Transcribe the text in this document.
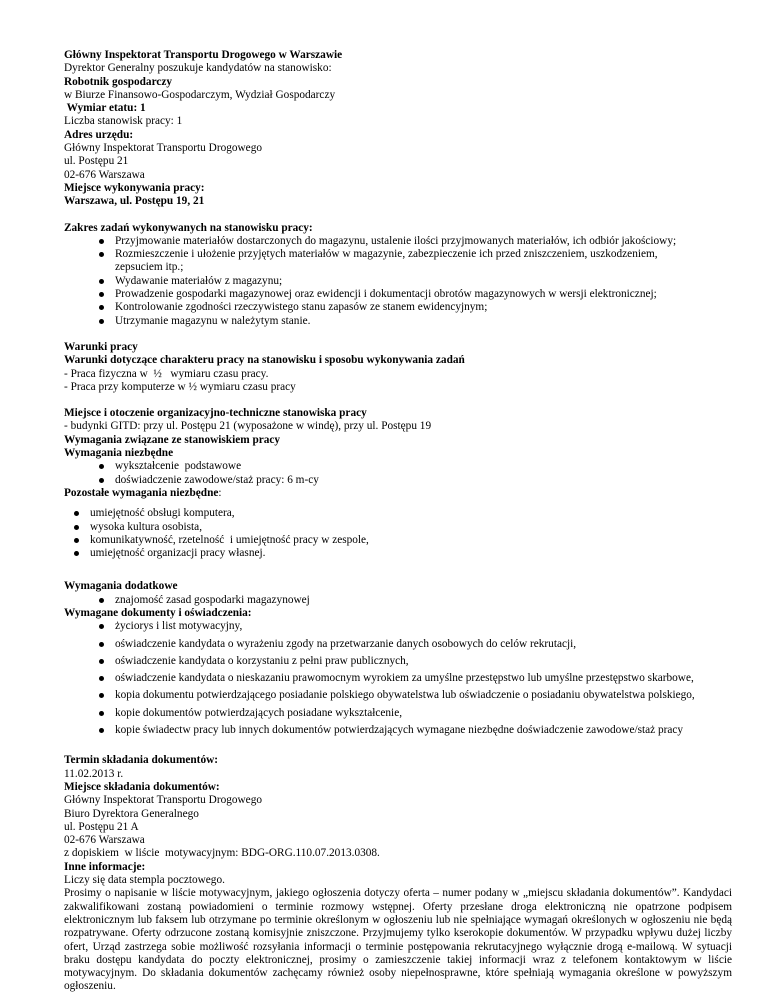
Główny Inspektorat Transportu Drogowego w Warszawie
Dyrektor Generalny poszukuje kandydatów na stanowisko:
Robotnik gospodarczy
w Biurze Finansowo-Gospodarczym, Wydział Gospodarczy
Wymiar etatu: 1
Liczba stanowisk pracy: 1
Adres urzędu:
Główny Inspektorat Transportu Drogowego
ul. Postępu 21
02-676 Warszawa
Miejsce wykonywania pracy:
Warszawa, ul. Postępu 19, 21
Zakres zadań wykonywanych na stanowisku pracy:
Przyjmowanie materiałów dostarczonych do magazynu, ustalenie ilości przyjmowanych materiałów, ich odbiór jakościowy;
Rozmieszczenie i ułożenie przyjętych materiałów w magazynie, zabezpieczenie ich przed zniszczeniem, uszkodzeniem, zepsuciem itp.;
Wydawanie materiałów z magazynu;
Prowadzenie gospodarki magazynowej oraz ewidencji i dokumentacji obrotów magazynowych w wersji elektronicznej;
Kontrolowanie zgodności rzeczywistego stanu zapasów ze stanem ewidencyjnym;
Utrzymanie magazynu w należytym stanie.
Warunki pracy
Warunki dotyczące charakteru pracy na stanowisku i sposobu wykonywania zadań
- Praca fizyczna w  ½   wymiaru czasu pracy.
- Praca przy komputerze w ½ wymiaru czasu pracy
Miejsce i otoczenie organizacyjno-techniczne stanowiska pracy
- budynki GITD: przy ul. Postępu 21 (wyposażone w windę), przy ul. Postępu 19
Wymagania związane ze stanowiskiem pracy
Wymagania niezbędne
wykształcenie  podstawowe
doświadczenie zawodowe/staż pracy: 6 m-cy
Pozostałe wymagania niezbędne:
umiejętność obsługi komputera,
wysoka kultura osobista,
komunikatywność, rzetelność  i umiejętność pracy w zespole,
umiejętność organizacji pracy własnej.
Wymagania dodatkowe
znajomość zasad gospodarki magazynowej
Wymagane dokumenty i oświadczenia:
życiorys i list motywacyjny,
oświadczenie kandydata o wyrażeniu zgody na przetwarzanie danych osobowych do celów rekrutacji,
oświadczenie kandydata o korzystaniu z pełni praw publicznych,
oświadczenie kandydata o nieskazaniu prawomocnym wyrokiem za umyślne przestępstwo lub umyślne przestępstwo skarbowe,
kopia dokumentu potwierdzającego posiadanie polskiego obywatelstwa lub oświadczenie o posiadaniu obywatelstwa polskiego,
kopie dokumentów potwierdzających posiadane wykształcenie,
kopie świadectw pracy lub innych dokumentów potwierdzających wymagane niezbędne doświadczenie zawodowe/staż pracy
Termin składania dokumentów:
11.02.2013 r.
Miejsce składania dokumentów:
Główny Inspektorat Transportu Drogowego
Biuro Dyrektora Generalnego
ul. Postępu 21 A
02-676 Warszawa
z dopiskiem  w liście  motywacyjnym: BDG-ORG.110.07.2013.0308.
Inne informacje:
Liczy się data stempla pocztowego.
Prosimy o napisanie w liście motywacyjnym, jakiego ogłoszenia dotyczy oferta – numer podany w „miejscu składania dokumentów”. Kandydaci zakwalifikowani zostaną powiadomieni o terminie rozmowy wstępnej. Oferty przesłane droga elektroniczną nie opatrzone podpisem elektronicznym lub faksem lub otrzymane po terminie określonym w ogłoszeniu lub nie spełniające wymagań określonych w ogłoszeniu nie będą rozpatrywane. Oferty odrzucone zostaną komisyjnie zniszczone. Przyjmujemy tylko kserokopie dokumentów. W przypadku wpływu dużej liczby ofert, Urząd zastrzega sobie możliwość rozsyłania informacji o terminie postępowania rekrutacyjnego wyłącznie drogą e-mailową. W sytuacji braku dostępu kandydata do poczty elektronicznej, prosimy o zamieszczenie takiej informacji wraz z telefonem kontaktowym w liście motywacyjnym. Do składania dokumentów zachęcamy również osoby niepełnosprawne, które spełniają wymagania określone w powyższym ogłoszeniu.
